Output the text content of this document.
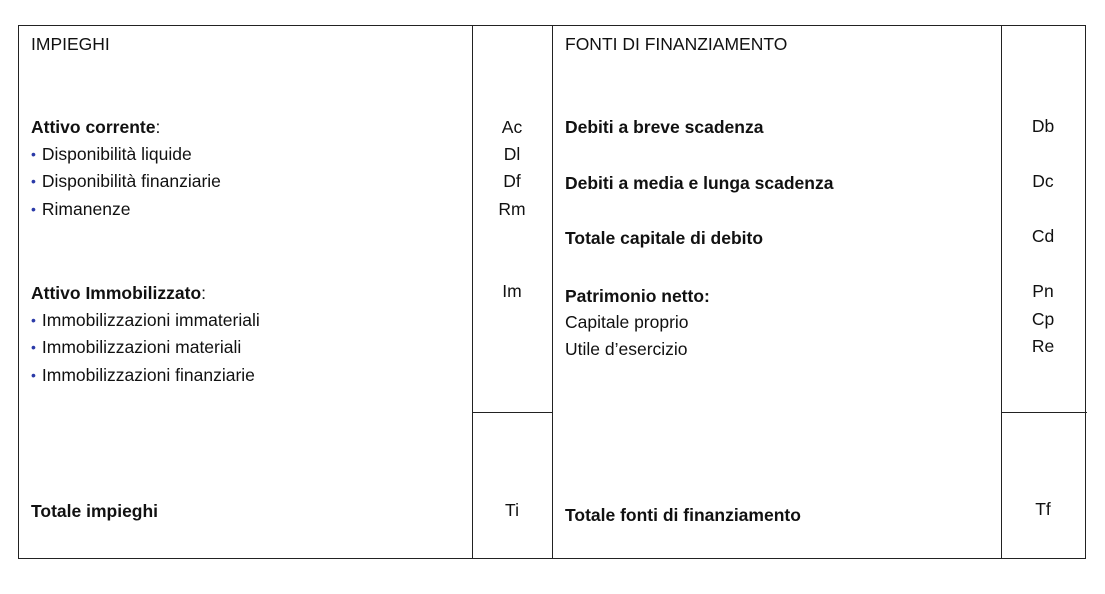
IMPIEGHI
Attivo corrente:
• Disponibilità liquide
• Disponibilità finanziarie
• Rimanenze
Attivo Immobilizzato:
• Immobilizzazioni immateriali
• Immobilizzazioni materiali
• Immobilizzazioni finanziarie
Totale impieghi
Ac
Dl
Df
Rm
Im
Ti
FONTI DI FINANZIAMENTO
Debiti a breve scadenza
Debiti a media e lunga scadenza
Totale capitale di debito
Patrimonio netto:
Capitale proprio
Utile d’esercizio
Totale fonti di finanziamento
Db
Dc
Cd
Pn
Cp
Re
Tf
